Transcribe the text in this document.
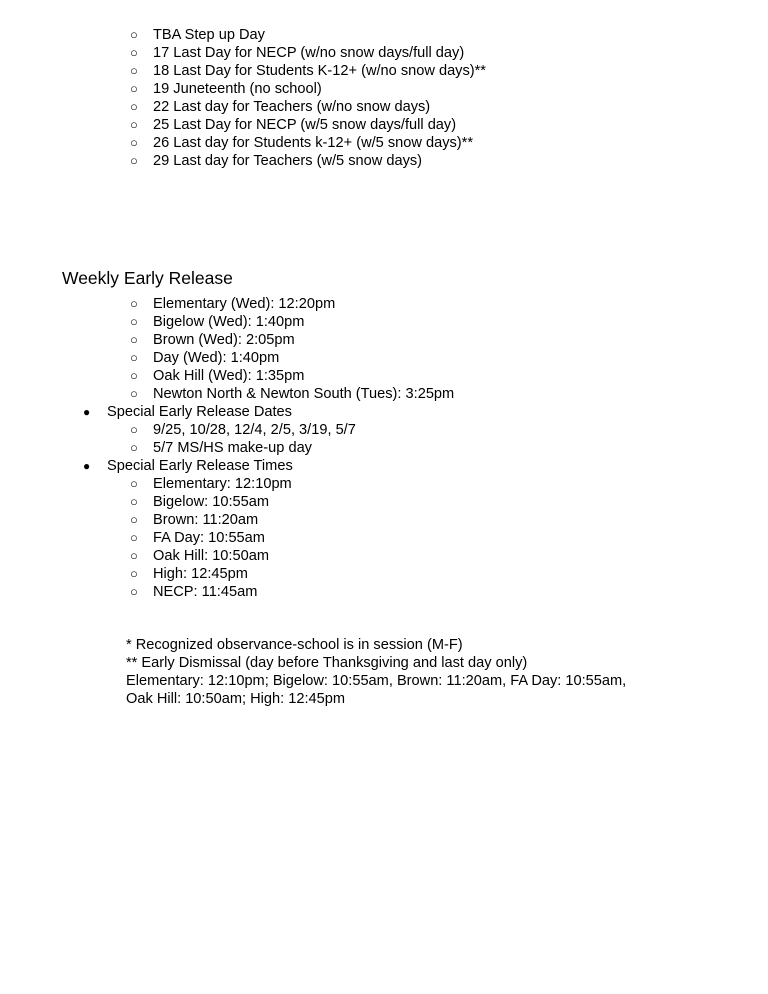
○ TBA Step up Day
○ 17 Last Day for NECP (w/no snow days/full day)
○ 18 Last Day for Students K-12+ (w/no snow days)**
○ 19 Juneteenth (no school)
○ 22 Last day for Teachers (w/no snow days)
○ 25 Last Day for NECP (w/5 snow days/full day)
○ 26 Last day for Students k-12+ (w/5 snow days)**
○ 29 Last day for Teachers (w/5 snow days)
Weekly Early Release
○ Elementary (Wed): 12:20pm
○ Bigelow (Wed): 1:40pm
○ Brown (Wed): 2:05pm
○ Day (Wed): 1:40pm
○ Oak Hill (Wed): 1:35pm
○ Newton North & Newton South (Tues): 3:25pm
● Special Early Release Dates
○ 9/25, 10/28, 12/4, 2/5, 3/19, 5/7
○ 5/7 MS/HS make-up day
● Special Early Release Times
○ Elementary: 12:10pm
○ Bigelow: 10:55am
○ Brown: 11:20am
○ FA Day: 10:55am
○ Oak Hill: 10:50am
○ High: 12:45pm
○ NECP: 11:45am
* Recognized observance-school is in session (M-F)
** Early Dismissal (day before Thanksgiving and last day only)
Elementary: 12:10pm; Bigelow: 10:55am, Brown: 11:20am, FA Day: 10:55am,
Oak Hill: 10:50am; High: 12:45pm
